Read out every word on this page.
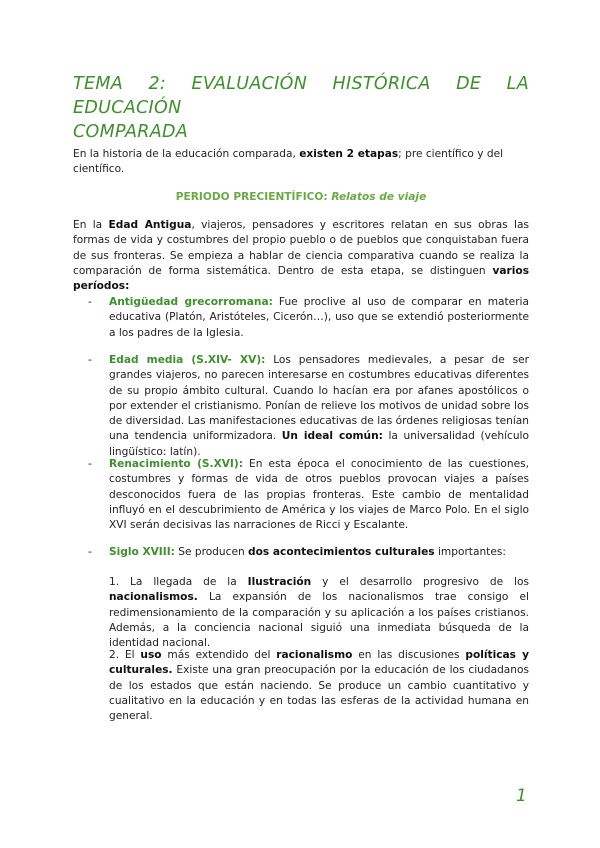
TEMA 2: EVALUACIÓN HISTÓRICA DE LA EDUCACIÓN
COMPARADA
En la historia de la educación comparada, existen 2 etapas; pre científico y del científico.
PERIODO PRECIENTÍFICO: Relatos de viaje

En la Edad Antigua, viajeros, pensadores y escritores relatan en sus obras las formas de vida y costumbres del propio pueblo o de pueblos que conquistaban fuera de sus fronteras. Se empieza a hablar de ciencia comparativa cuando se realiza la comparación de forma sistemática. Dentro de esta etapa, se distinguen varios períodos:

- Antigüedad grecorromana: Fue proclive al uso de comparar en materia educativa (Platón, Aristóteles, Cicerón…), uso que se extendió posteriormente a los padres de la Iglesia.

- Edad media (S.XIV- XV): Los pensadores medievales, a pesar de ser grandes viajeros, no parecen interesarse en costumbres educativas diferentes de su propio ámbito cultural. Cuando lo hacían era por afanes apostólicos o por extender el cristianismo. Ponían de relieve los motivos de unidad sobre los de diversidad. Las manifestaciones educativas de las órdenes religiosas tenían una tendencia uniformizadora. Un ideal común: la universalidad (vehículo lingüístico: latín).

- Renacimiento (S.XVI): En esta época el conocimiento de las cuestiones, costumbres y formas de vida de otros pueblos provocan viajes a países desconocidos fuera de las propias fronteras. Este cambio de mentalidad influyó en el descubrimiento de América y los viajes de Marco Polo. En el siglo XVI serán decisivas las narraciones de Ricci y Escalante.

- Siglo XVIII: Se producen dos acontecimientos culturales importantes:

1. La llegada de la Ilustración y el desarrollo progresivo de los nacionalismos. La expansión de los nacionalismos trae consigo el redimensionamiento de la comparación y su aplicación a los países cristianos. Además, a la conciencia nacional siguió una inmediata búsqueda de la identidad nacional.

2. El uso más extendido del racionalismo en las discusiones políticas y culturales. Existe una gran preocupación por la educación de los ciudadanos de los estados que están naciendo. Se produce un cambio cuantitativo y cualitativo en la educación y en todas las esferas de la actividad humana en general.

1
